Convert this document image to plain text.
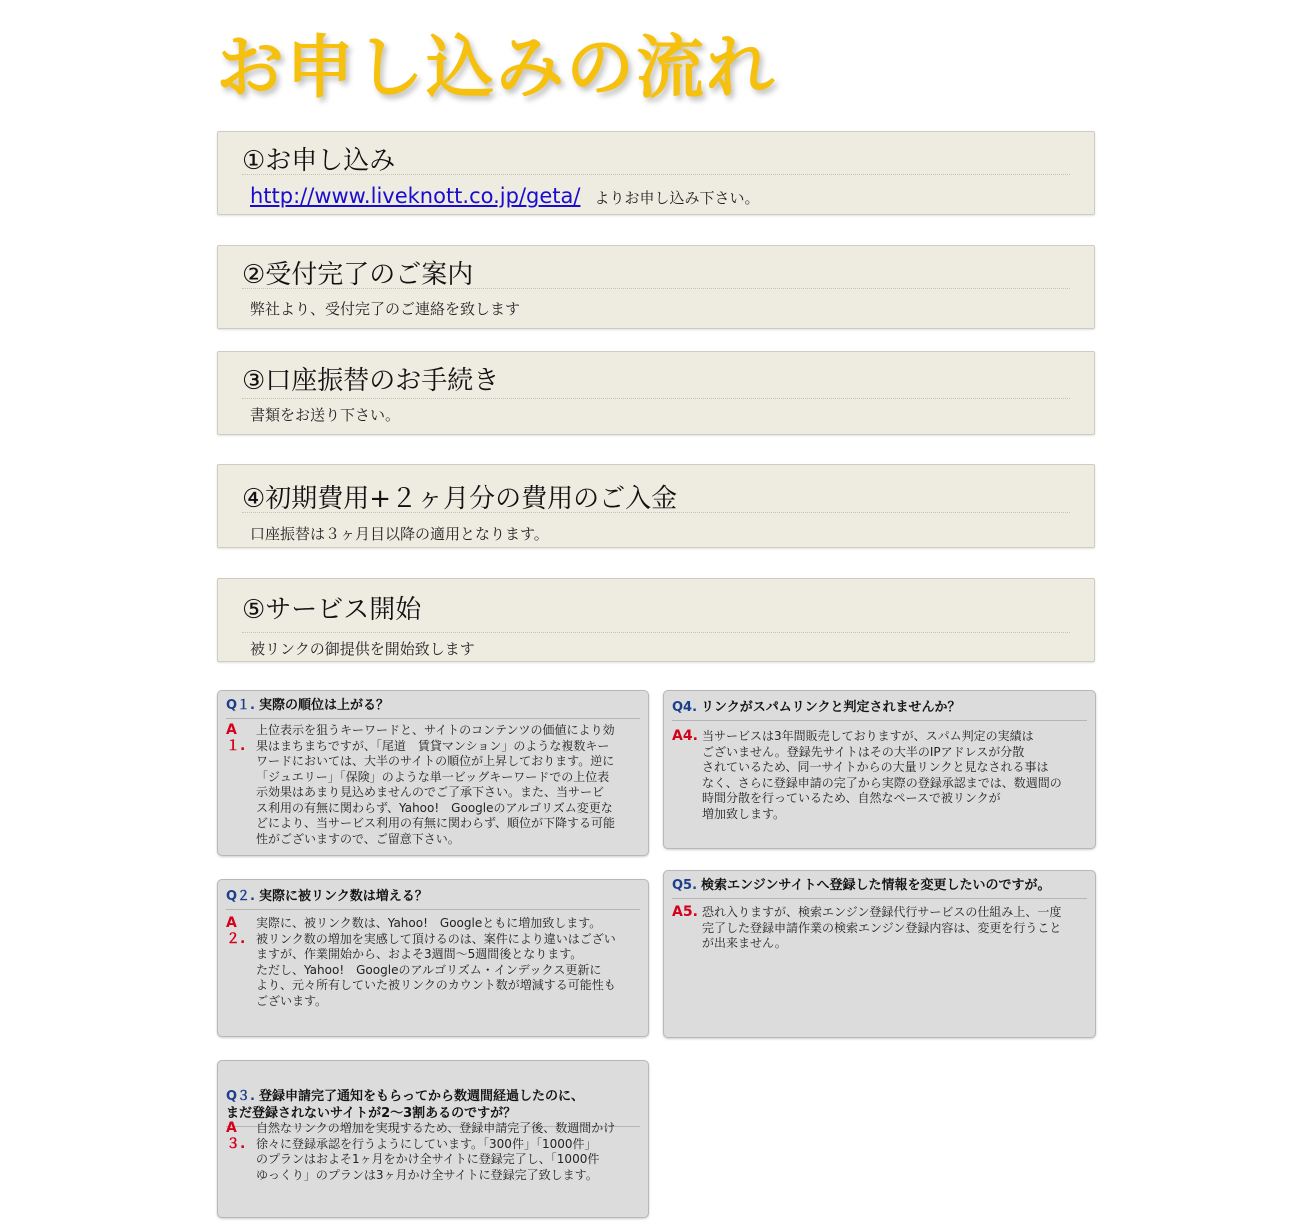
お申し込みの流れ
①お申し込み
http://www.liveknott.co.jp/geta/ よりお申し込み下さい。
②受付完了のご案内
弊社より、受付完了のご連絡を致します
③口座振替のお手続き
書類をお送り下さい。
④初期費用+２ヶ月分の費用のご入金
口座振替は３ヶ月目以降の適用となります。
⑤サービス開始
被リンクの御提供を開始致します
Q１. 実際の順位は上がる？
A１.
上位表示を狙うキーワードと、サイトのコンテンツの価値により効
果はまちまちですが、「尾道　賃貸マンション」のような複数キー
ワードにおいては、大半のサイトの順位が上昇しております。逆に
「ジュエリー」「保険」のような単一ビッグキーワードでの上位表
示効果はあまり見込めませんのでご了承下さい。また、当サービ
ス利用の有無に関わらず、Yahoo!　Googleのアルゴリズム変更な
どにより、当サービス利用の有無に関わらず、順位が下降する可能
性がございますので、ご留意下さい。
Q4. リンクがスパムリンクと判定されませんか？
A4. 当サービスは3年間販売しておりますが、スパム判定の実績は
ございません。登録先サイトはその大半のIPアドレスが分散
されているため、同一サイトからの大量リンクと見なされる事は
なく、さらに登録申請の完了から実際の登録承認までは、数週間の
時間分散を行っているため、自然なペースで被リンクが
増加致します。
Q２. 実際に被リンク数は増える？
A２.
実際に、被リンク数は、Yahoo!　Googleともに増加致します。
被リンク数の増加を実感して頂けるのは、案件により違いはござい
ますが、作業開始から、およそ3週間〜5週間後となります。
ただし、Yahoo!　Googleのアルゴリズム・インデックス更新に
より、元々所有していた被リンクのカウント数が増減する可能性も
ございます。
Q5. 検索エンジンサイトへ登録した情報を変更したいのですが。
A5. 恐れ入りますが、検索エンジン登録代行サービスの仕組み上、一度
完了した登録申請作業の検索エンジン登録内容は、変更を行うこと
が出来ません。

Q３. 登録申請完了通知をもらってから数週間経過したのに、
まだ登録されないサイトが2〜3割あるのですが？

A３.
自然なリンクの増加を実現するため、登録申請完了後、数週間かけ
徐々に登録承認を行うようにしています。「300件」「1000件」
のプランはおよそ1ヶ月をかけ全サイトに登録完了し、「1000件
ゆっくり」のプランは3ヶ月かけ全サイトに登録完了致します。
